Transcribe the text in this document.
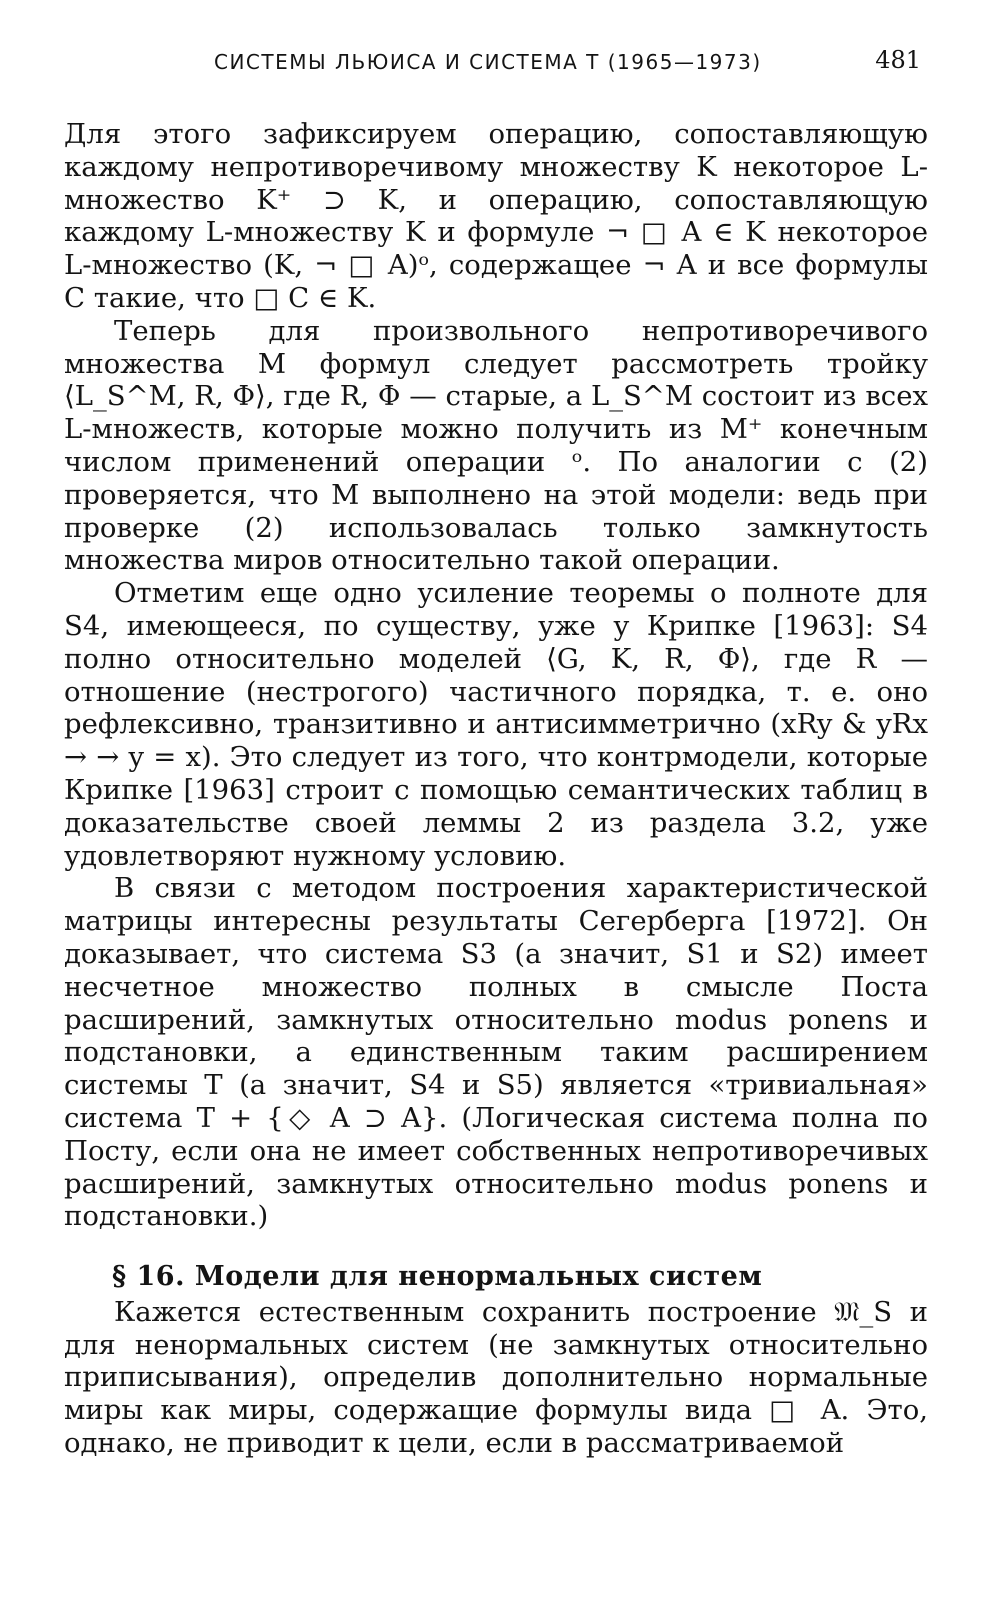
СИСТЕМЫ ЛЬЮИСА И СИСТЕМА T (1965—1973)	481

Для этого зафиксируем операцию, сопоставляющую каждому непротиворечивому множеству K некоторое L-множество K⁺ ⊃ K, и операцию, сопоставляющую каждому L-множеству K и формуле ¬ □ A ∈ K некоторое L-множество (K, ¬ □ A)ᵒ, содержащее ¬ A и все формулы C такие, что □ C ∈ K.

Теперь для произвольного непротиворечивого множества M формул следует рассмотреть тройку ⟨L_S^M, R, Φ⟩, где R, Φ — старые, а L_S^M состоит из всех L-множеств, которые можно получить из M⁺ конечным числом применений операции ᵒ. По аналогии с (2) проверяется, что M выполнено на этой модели: ведь при проверке (2) использовалась только замкнутость множества миров относительно такой операции.

Отметим еще одно усиление теоремы о полноте для S4, имеющееся, по существу, уже у Крипке [1963]: S4 полно относительно моделей ⟨G, K, R, Φ⟩, где R — отношение (нестрогого) частичного порядка, т. е. оно рефлексивно, транзитивно и антисимметрично (xRy & yRx → → y = x). Это следует из того, что контрмодели, которые Крипке [1963] строит с помощью семантических таблиц в доказательстве своей леммы 2 из раздела 3.2, уже удовлетворяют нужному условию.

В связи с методом построения характеристической матрицы интересны результаты Сегерберга [1972]. Он доказывает, что система S3 (а значит, S1 и S2) имеет несчетное множество полных в смысле Поста расширений, замкнутых относительно modus ponens и подстановки, а единственным таким расширением системы T (а значит, S4 и S5) является «тривиальная» система T + {◇ A ⊃ A}. (Логическая система полна по Посту, если она не имеет собственных непротиворечивых расширений, замкнутых относительно modus ponens и подстановки.)

§ 16. Модели для ненормальных систем

Кажется естественным сохранить построение 𝔐_S и для ненормальных систем (не замкнутых относительно приписывания), определив дополнительно нормальные миры как миры, содержащие формулы вида □ A. Это, однако, не приводит к цели, если в рассматриваемой
